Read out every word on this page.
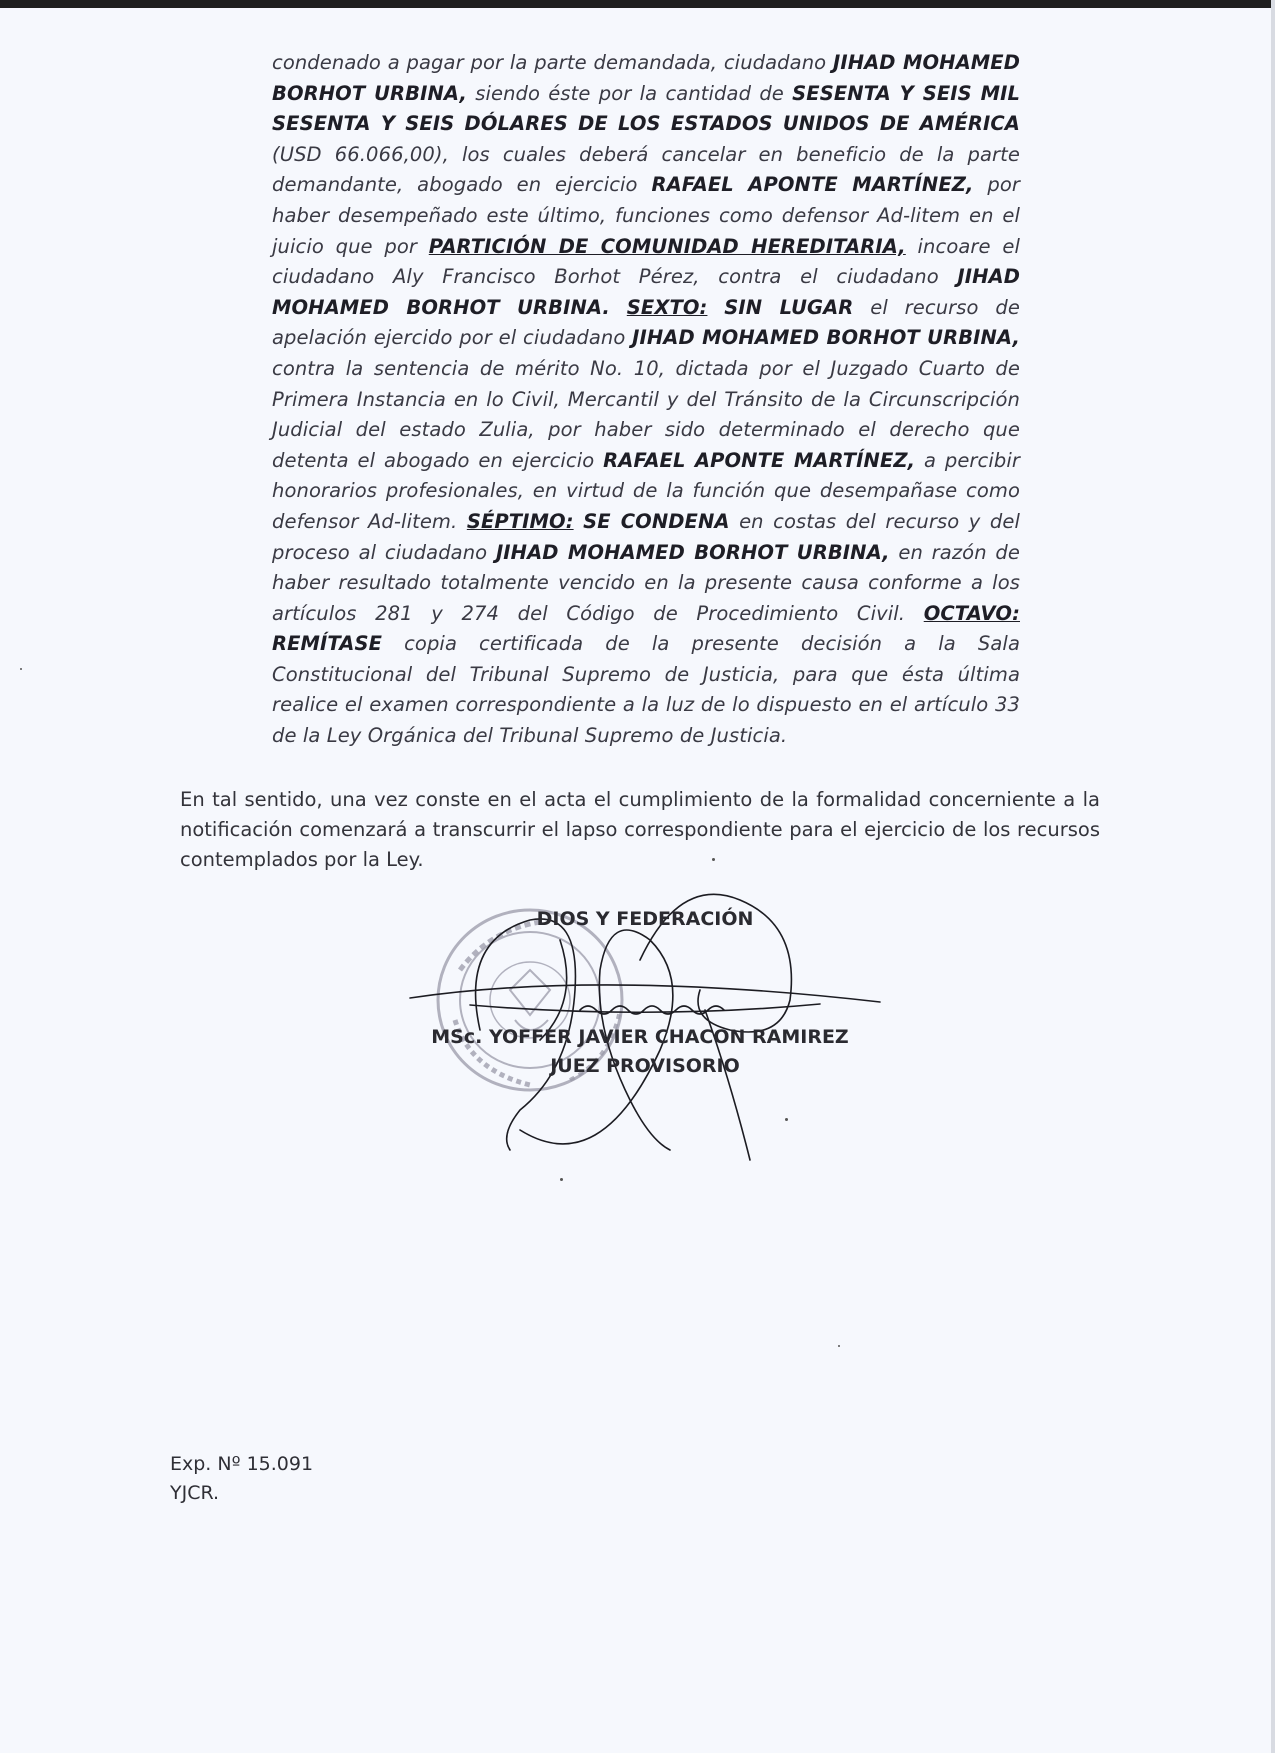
condenado a pagar por la parte demandada, ciudadano JIHAD MOHAMED BORHOT URBINA, siendo éste por la cantidad de SESENTA Y SEIS MIL SESENTA Y SEIS DÓLARES DE LOS ESTADOS UNIDOS DE AMÉRICA (USD 66.066,00), los cuales deberá cancelar en beneficio de la parte demandante, abogado en ejercicio RAFAEL APONTE MARTÍNEZ, por haber desempeñado este último, funciones como defensor Ad-litem en el juicio que por PARTICIÓN DE COMUNIDAD HEREDITARIA, incoare el ciudadano Aly Francisco Borhot Pérez, contra el ciudadano JIHAD MOHAMED BORHOT URBINA. SEXTO: SIN LUGAR el recurso de apelación ejercido por el ciudadano JIHAD MOHAMED BORHOT URBINA, contra la sentencia de mérito No. 10, dictada por el Juzgado Cuarto de Primera Instancia en lo Civil, Mercantil y del Tránsito de la Circunscripción Judicial del estado Zulia, por haber sido determinado el derecho que detenta el abogado en ejercicio RAFAEL APONTE MARTÍNEZ, a percibir honorarios profesionales, en virtud de la función que desempañase como defensor Ad-litem. SÉPTIMO: SE CONDENA en costas del recurso y del proceso al ciudadano JIHAD MOHAMED BORHOT URBINA, en razón de haber resultado totalmente vencido en la presente causa conforme a los artículos 281 y 274 del Código de Procedimiento Civil. OCTAVO: REMÍTASE copia certificada de la presente decisión a la Sala Constitucional del Tribunal Supremo de Justicia, para que ésta última realice el examen correspondiente a la luz de lo dispuesto en el artículo 33 de la Ley Orgánica del Tribunal Supremo de Justicia.
En tal sentido, una vez conste en el acta el cumplimiento de la formalidad concerniente a la notificación comenzará a transcurrir el lapso correspondiente para el ejercicio de los recursos contemplados por la Ley.
DIOS Y FEDERACIÓN
MSc. YOFFER JAVIER CHACON RAMIREZ
JUEZ PROVISORIO
Exp. Nº 15.091
YJCR.
